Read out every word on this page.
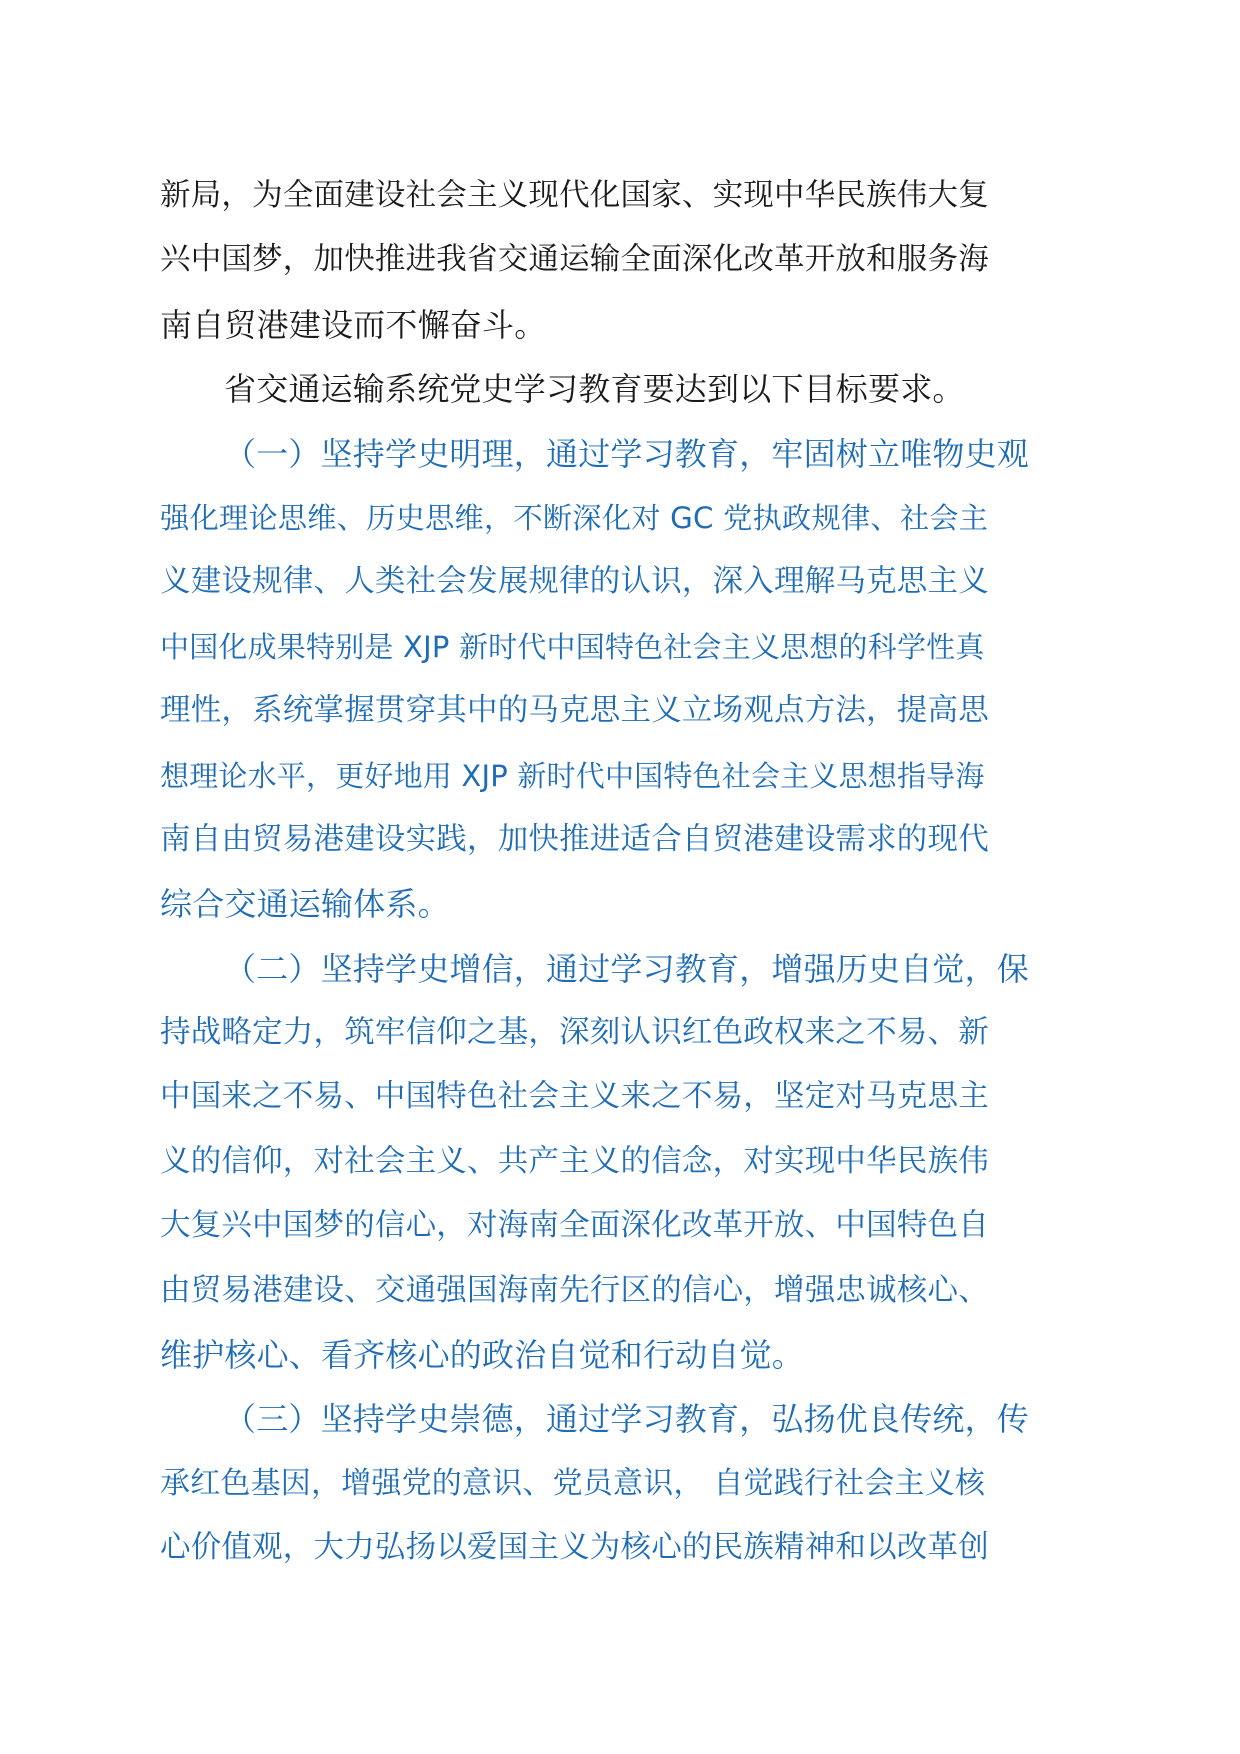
新局，为全面建设社会主义现代化国家、实现中华民族伟大复
兴中国梦，加快推进我省交通运输全面深化改革开放和服务海
南自贸港建设而不懈奋斗。
省交通运输系统党史学习教育要达到以下目标要求。
（一）坚持学史明理，通过学习教育，牢固树立唯物史观
强化理论思维、历史思维，不断深化对 GC 党执政规律、社会主
义建设规律、人类社会发展规律的认识，深入理解马克思主义
中国化成果特别是 XJP 新时代中国特色社会主义思想的科学性真
理性，系统掌握贯穿其中的马克思主义立场观点方法，提高思
想理论水平，更好地用 XJP 新时代中国特色社会主义思想指导海
南自由贸易港建设实践，加快推进适合自贸港建设需求的现代
综合交通运输体系。
（二）坚持学史增信，通过学习教育，增强历史自觉，保
持战略定力，筑牢信仰之基，深刻认识红色政权来之不易、新
中国来之不易、中国特色社会主义来之不易，坚定对马克思主
义的信仰，对社会主义、共产主义的信念，对实现中华民族伟
大复兴中国梦的信心，对海南全面深化改革开放、中国特色自
由贸易港建设、交通强国海南先行区的信心，增强忠诚核心、
维护核心、看齐核心的政治自觉和行动自觉。
（三）坚持学史崇德，通过学习教育，弘扬优良传统，传
承红色基因，增强党的意识、党员意识， 自觉践行社会主义核
心价值观，大力弘扬以爱国主义为核心的民族精神和以改革创
